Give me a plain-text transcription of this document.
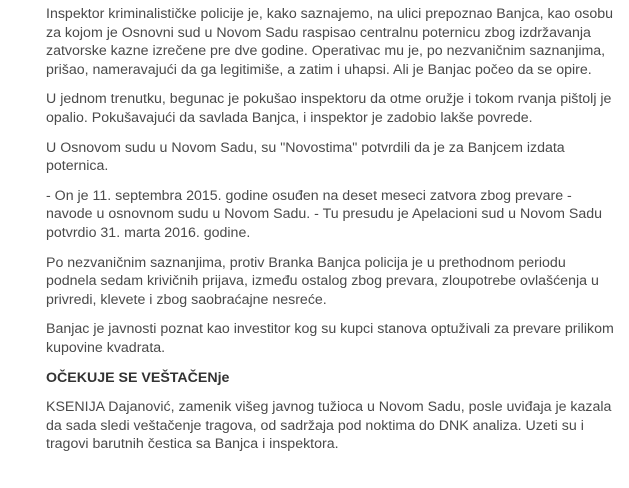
Inspektor kriminalističke policije je, kako saznajemo, na ulici prepoznao Banjca, kao osobu za kojom je Osnovni sud u Novom Sadu raspisao centralnu poternicu zbog izdržavanja zatvorske kazne izrečene pre dve godine. Operativac mu je, po nezvaničnim saznanjima, prišao, nameravajući da ga legitimiše, a zatim i uhapsi. Ali je Banjac počeo da se opire.

U jednom trenutku, begunac je pokušao inspektoru da otme oružje i tokom rvanja pištolj je opalio. Pokušavajući da savlada Banjca, i inspektor je zadobio lakše povrede.

U Osnovom sudu u Novom Sadu, su "Novostima" potvrdili da je za Banjcem izdata poternica.

- On je 11. septembra 2015. godine osuđen na deset meseci zatvora zbog prevare - navode u osnovnom sudu u Novom Sadu. - Tu presudu je Apelacioni sud u Novom Sadu potvrdio 31. marta 2016. godine.

Po nezvaničnim saznanjima, protiv Branka Banjca policija je u prethodnom periodu podnela sedam krivičnih prijava, između ostalog zbog prevara, zloupotrebe ovlašćenja u privredi, klevete i zbog saobraćajne nesreće.

Banjac je javnosti poznat kao investitor kog su kupci stanova optuživali za prevare prilikom kupovine kvadrata.

OČEKUJE SE VEŠTAČENje

KSENIJA Dajanović, zamenik višeg javnog tužioca u Novom Sadu, posle uviđaja je kazala da sada sledi veštačenje tragova, od sadržaja pod noktima do DNK analiza. Uzeti su i tragovi barutnih čestica sa Banjca i inspektora.
